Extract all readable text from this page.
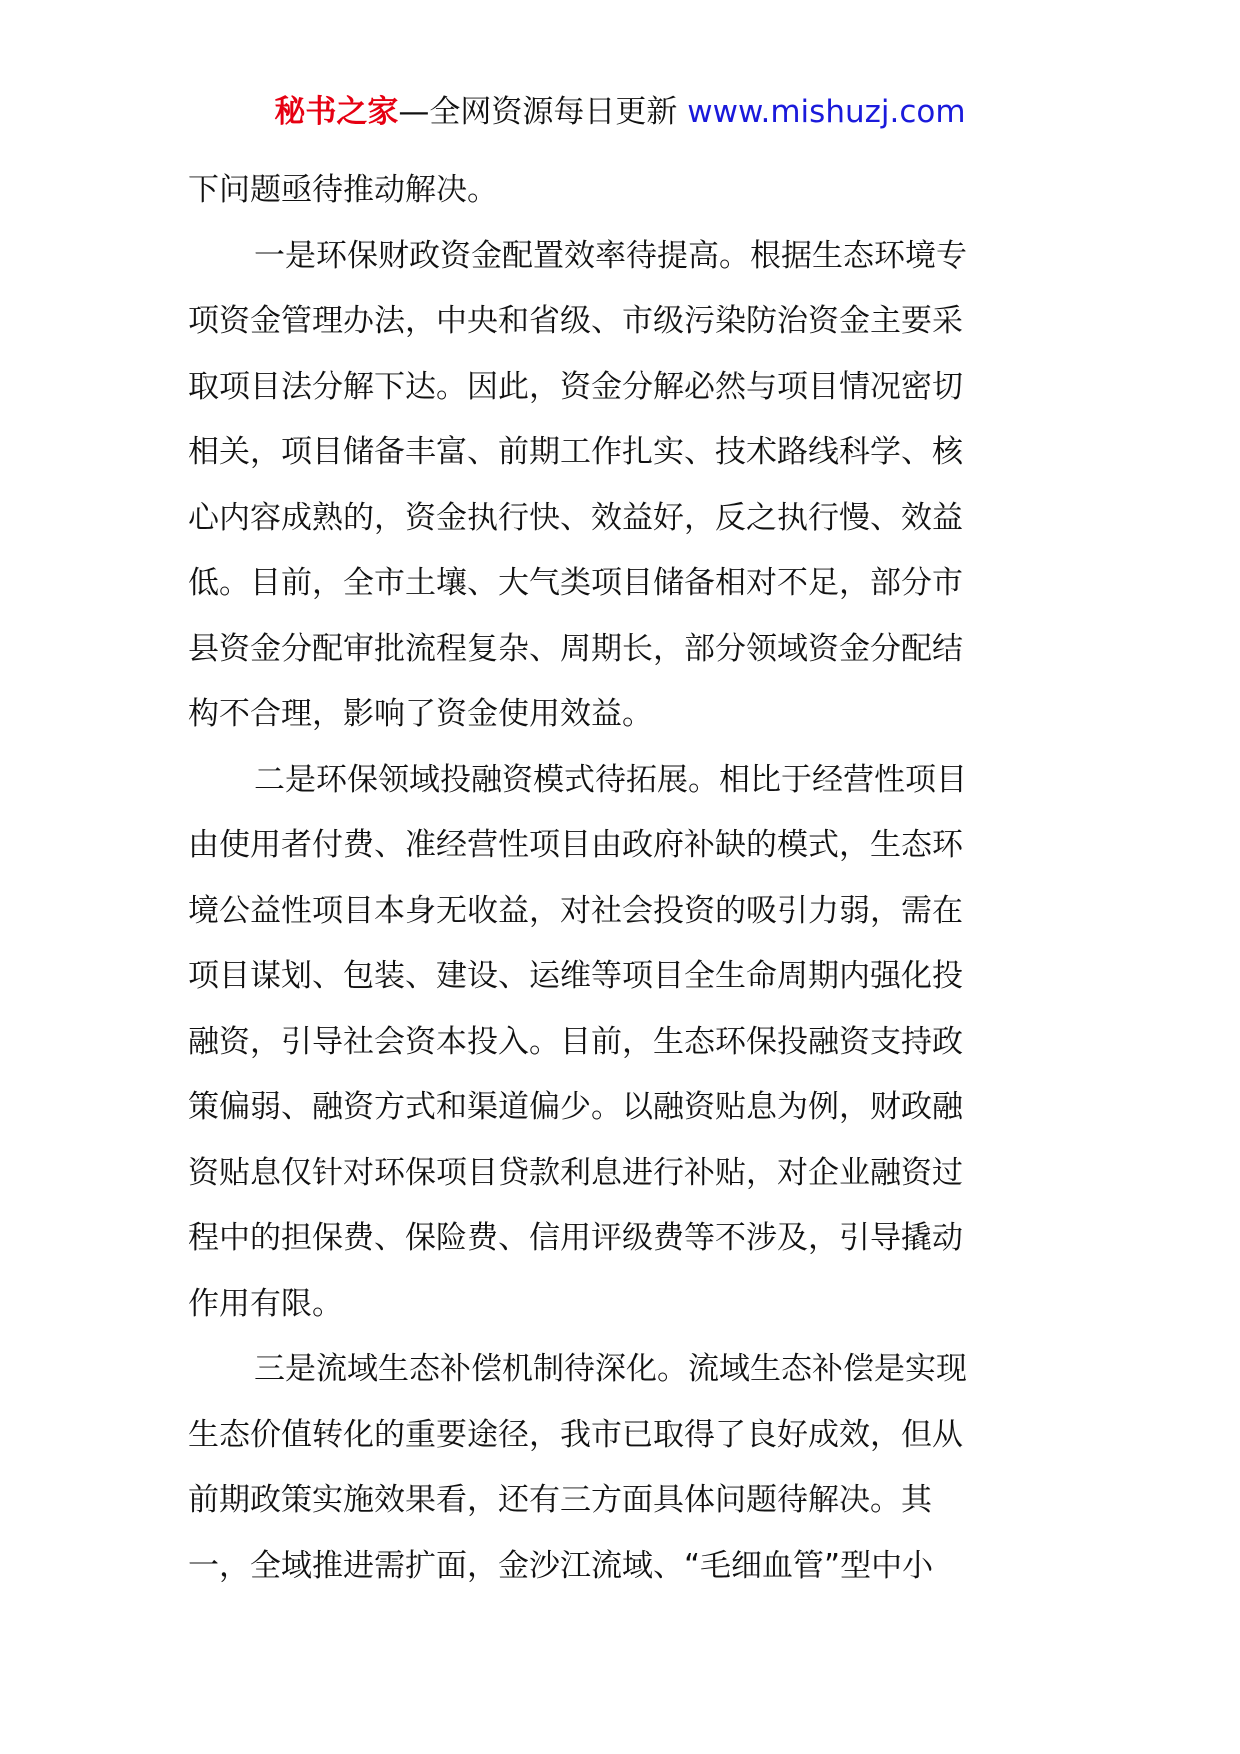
秘书之家—全网资源每日更新 www.mishuzj.com
下问题亟待推动解决。
一是环保财政资金配置效率待提高。根据生态环境专
项资金管理办法，中央和省级、市级污染防治资金主要采
取项目法分解下达。因此，资金分解必然与项目情况密切
相关，项目储备丰富、前期工作扎实、技术路线科学、核
心内容成熟的，资金执行快、效益好，反之执行慢、效益
低。目前，全市土壤、大气类项目储备相对不足，部分市
县资金分配审批流程复杂、周期长，部分领域资金分配结
构不合理，影响了资金使用效益。
二是环保领域投融资模式待拓展。相比于经营性项目
由使用者付费、准经营性项目由政府补缺的模式，生态环
境公益性项目本身无收益，对社会投资的吸引力弱，需在
项目谋划、包装、建设、运维等项目全生命周期内强化投
融资，引导社会资本投入。目前，生态环保投融资支持政
策偏弱、融资方式和渠道偏少。以融资贴息为例，财政融
资贴息仅针对环保项目贷款利息进行补贴，对企业融资过
程中的担保费、保险费、信用评级费等不涉及，引导撬动
作用有限。
三是流域生态补偿机制待深化。流域生态补偿是实现
生态价值转化的重要途径，我市已取得了良好成效，但从
前期政策实施效果看，还有三方面具体问题待解决。其
一，全域推进需扩面，金沙江流域、“毛细血管”型中小
